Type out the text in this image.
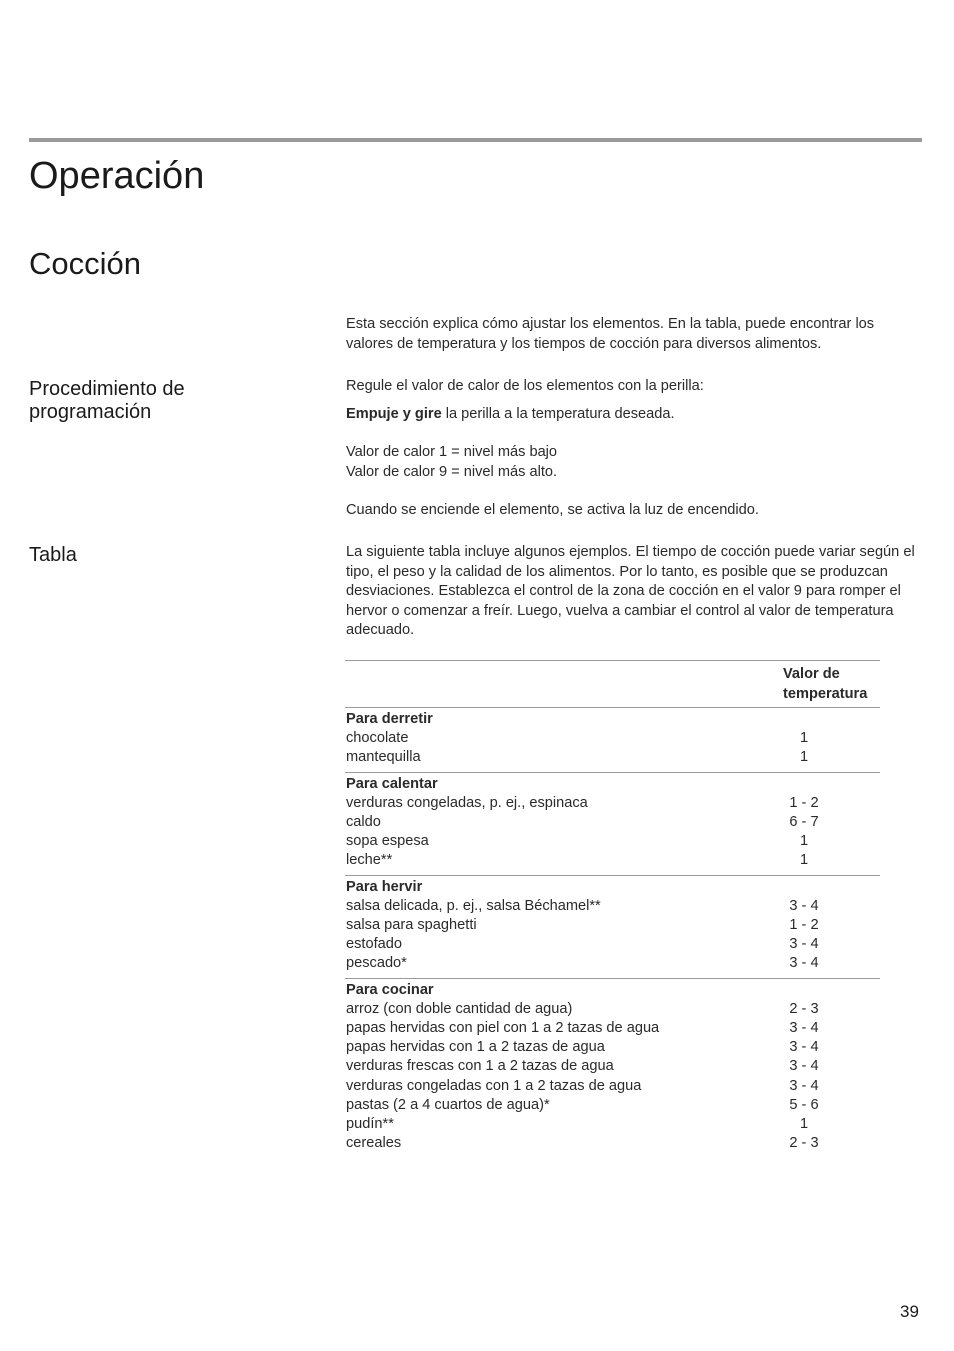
Operación
Cocción

Esta sección explica cómo ajustar los elementos. En la tabla, puede encontrar los valores de temperatura y los tiempos de cocción para diversos alimentos.

Procedimiento de
programación

Regule el valor de calor de los elementos con la perilla:

Empuje y gire la perilla a la temperatura deseada.

Valor de calor 1 = nivel más bajo

Valor de calor 9 = nivel más alto.

Cuando se enciende el elemento, se activa la luz de encendido.

Tabla	La siguiente tabla incluye algunos ejemplos. El tiempo de cocción puede variar según el tipo, el peso y la calidad de los alimentos. Por lo tanto, es posible que se produzcan desviaciones. Establezca el control de la zona de cocción en el valor 9 para romper el hervor o comenzar a freír. Luego, vuelva a cambiar el control al valor de temperatura adecuado.

Valor de
temperatura
Para derretir
chocolate	1
mantequilla	1
Para calentar
verduras congeladas, p. ej., espinaca	1 - 2
caldo	6 - 7
sopa espesa	1
leche**	1
Para hervir
salsa delicada, p. ej., salsa Béchamel**	3 - 4
salsa para spaghetti	1 - 2
estofado	3 - 4
pescado*	3 - 4
Para cocinar
arroz (con doble cantidad de agua)	2 - 3
papas hervidas con piel con 1 a 2 tazas de agua	3 - 4
papas hervidas con 1 a 2 tazas de agua	3 - 4
verduras frescas con 1 a 2 tazas de agua	3 - 4
verduras congeladas con 1 a 2 tazas de agua	3 - 4
pastas (2 a 4 cuartos de agua)*	5 - 6
pudín**	1
cereales	2 - 3
39
